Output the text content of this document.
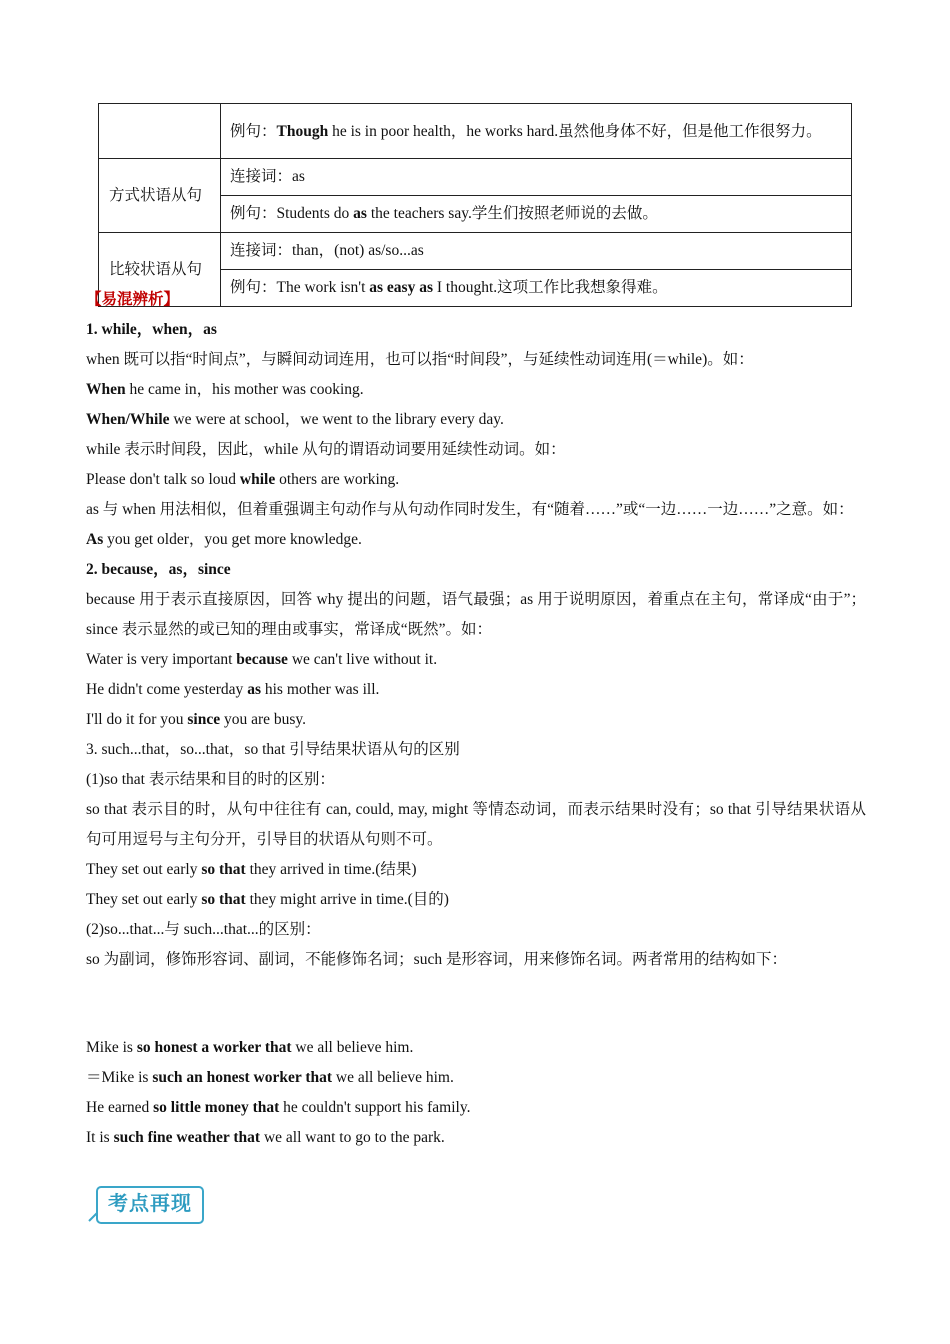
	例句：Though he is in poor health，he works hard.虽然他身体不好，但是他工作很努力。
方式状语从句	连接词：as
	例句：Students do as the teachers say.学生们按照老师说的去做。
比较状语从句	连接词：than，(not) as/so...as
	例句：The work isn't as easy as I thought.这项工作比我想象得难。

【易混辨析】

1. while，when，as

when 既可以指“时间点”，与瞬间动词连用，也可以指“时间段”，与延续性动词连用(＝while)。如：

When he came in，his mother was cooking.

When/While we were at school，we went to the library every day.

while 表示时间段，因此，while 从句的谓语动词要用延续性动词。如：

Please don't talk so loud while others are working.

as 与 when 用法相似，但着重强调主句动作与从句动作同时发生，有“随着……”或“一边……一边……”之意。如：

As you get older，you get more knowledge.

2. because，as，since

because 用于表示直接原因，回答 why 提出的问题，语气最强；as 用于说明原因，着重点在主句，常译成“由于”；since 表示显然的或已知的理由或事实，常译成“既然”。如：

Water is very important because we can't live without it.

He didn't come yesterday as his mother was ill.

I'll do it for you since you are busy.

3. such...that，so...that，so that 引导结果状语从句的区别

(1)so that 表示结果和目的时的区别：

so that 表示目的时，从句中往往有 can, could, may, might 等情态动词，而表示结果时没有；so that 引导结果状语从句可用逗号与主句分开，引导目的状语从句则不可。

They set out early so that they arrived in time.(结果)

They set out early so that they might arrive in time.(目的)

(2)so...that...与 such...that...的区别：

so 为副词，修饰形容词、副词，不能修饰名词；such 是形容词，用来修饰名词。两者常用的结构如下：

Mike is so honest a worker that we all believe him.

＝Mike is such an honest worker that we all believe him.

He earned so little money that he couldn't support his family.

It is such fine weather that we all want to go to the park.

考点再现
